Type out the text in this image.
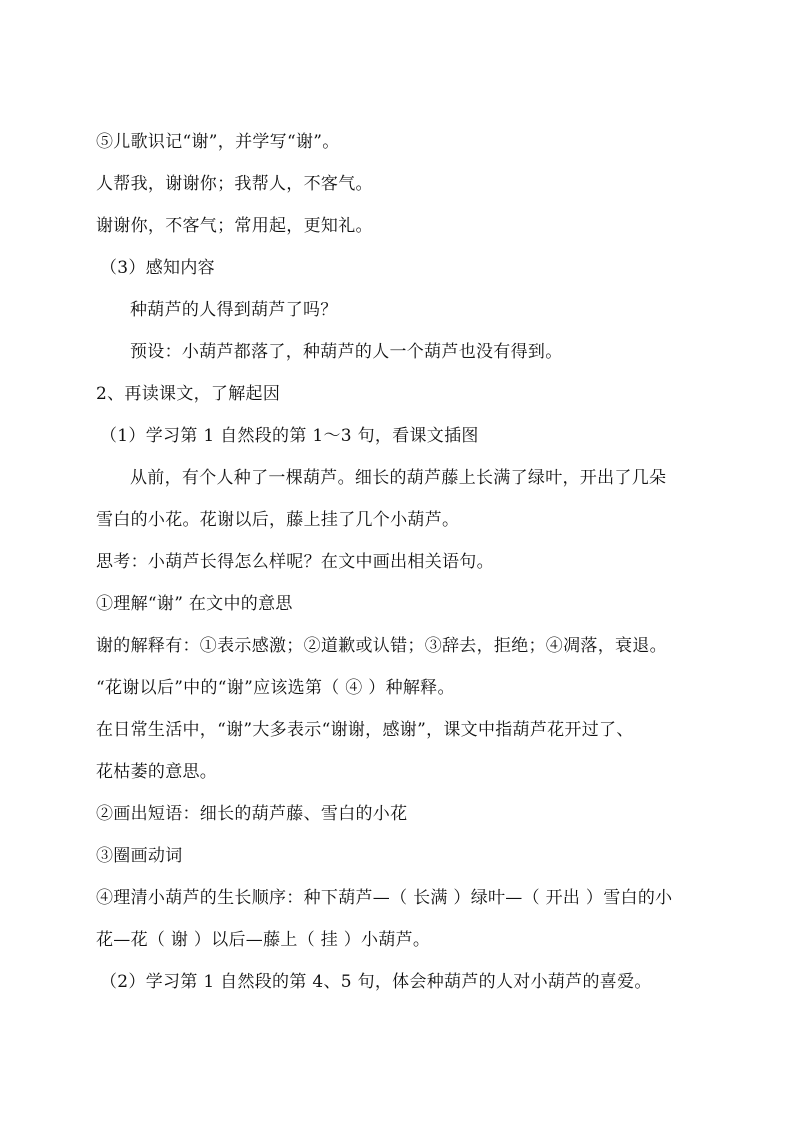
⑤儿歌识记“谢”，并学写“谢”。
人帮我，谢谢你；我帮人，不客气。
谢谢你，不客气；常用起，更知礼。
（3）感知内容
种葫芦的人得到葫芦了吗？
预设：小葫芦都落了，种葫芦的人一个葫芦也没有得到。
2、再读课文，了解起因
（1）学习第 1 自然段的第 1～3 句，看课文插图
从前，有个人种了一棵葫芦。细长的葫芦藤上长满了绿叶，开出了几朵
雪白的小花。花谢以后，藤上挂了几个小葫芦。
思考：小葫芦长得怎么样呢？在文中画出相关语句。
①理解“谢” 在文中的意思
谢的解释有：①表示感激；②道歉或认错；③辞去，拒绝；④凋落，衰退。
“花谢以后”中的“谢”应该选第（ ④ ）种解释。
在日常生活中，“谢”大多表示“谢谢，感谢”，课文中指葫芦花开过了、
花枯萎的意思。
②画出短语：细长的葫芦藤、雪白的小花
③圈画动词
④理清小葫芦的生长顺序：种下葫芦—（ 长满 ）绿叶—（ 开出 ）雪白的小
花—花（ 谢 ）以后—藤上（ 挂 ）小葫芦。
（2）学习第 1 自然段的第 4、5 句，体会种葫芦的人对小葫芦的喜爱。
